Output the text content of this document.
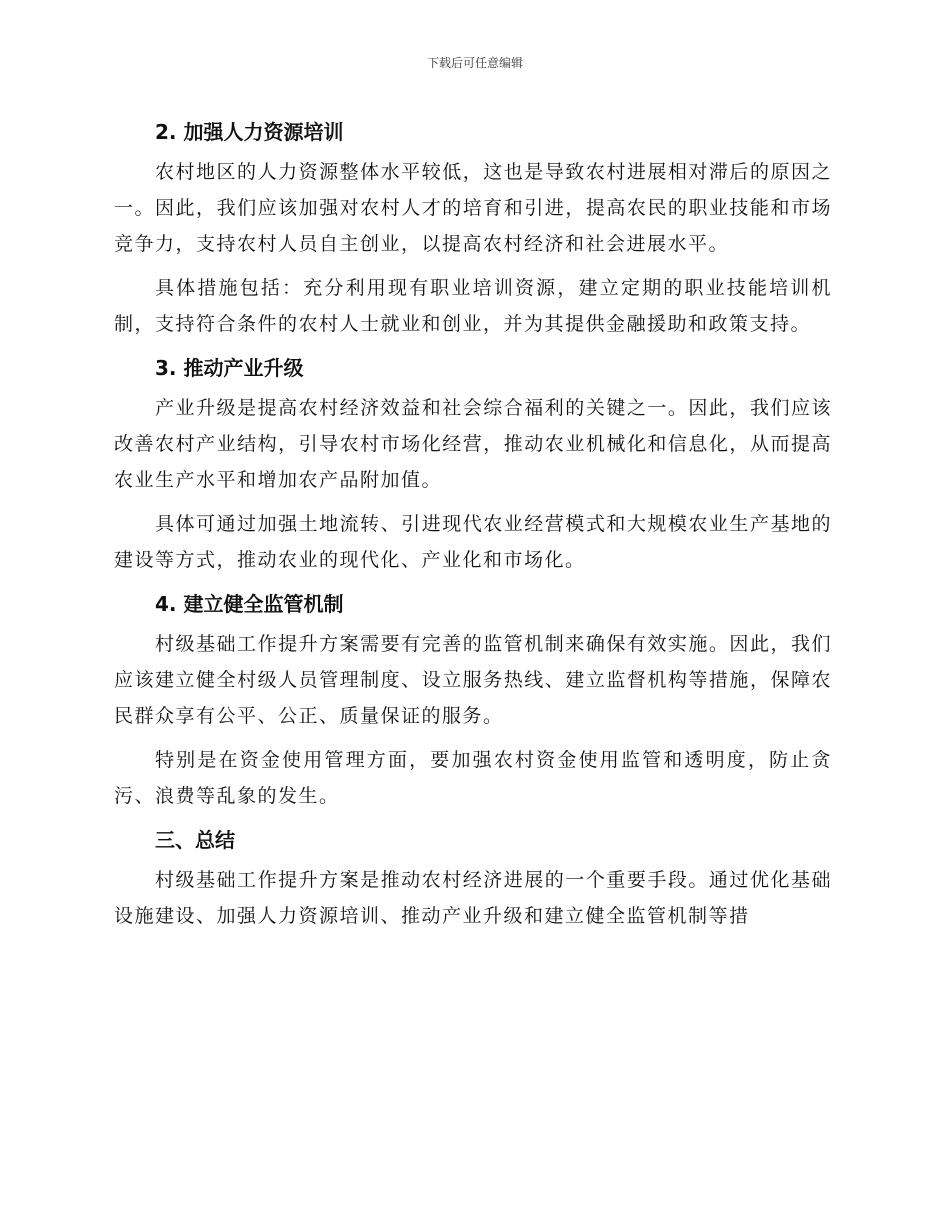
下载后可任意编辑
2. 加强人力资源培训

农村地区的人力资源整体水平较低，这也是导致农村进展相对滞后的原因之一。因此，我们应该加强对农村人才的培育和引进，提高农民的职业技能和市场竞争力，支持农村人员自主创业，以提高农村经济和社会进展水平。

具体措施包括：充分利用现有职业培训资源，建立定期的职业技能培训机制，支持符合条件的农村人士就业和创业，并为其提供金融援助和政策支持。

3. 推动产业升级

产业升级是提高农村经济效益和社会综合福利的关键之一。因此，我们应该改善农村产业结构，引导农村市场化经营，推动农业机械化和信息化，从而提高农业生产水平和增加农产品附加值。

具体可通过加强土地流转、引进现代农业经营模式和大规模农业生产基地的建设等方式，推动农业的现代化、产业化和市场化。

4. 建立健全监管机制

村级基础工作提升方案需要有完善的监管机制来确保有效实施。因此，我们应该建立健全村级人员管理制度、设立服务热线、建立监督机构等措施，保障农民群众享有公平、公正、质量保证的服务。

特别是在资金使用管理方面，要加强农村资金使用监管和透明度，防止贪污、浪费等乱象的发生。

三、总结

村级基础工作提升方案是推动农村经济进展的一个重要手段。通过优化基础设施建设、加强人力资源培训、推动产业升级和建立健全监管机制等措
